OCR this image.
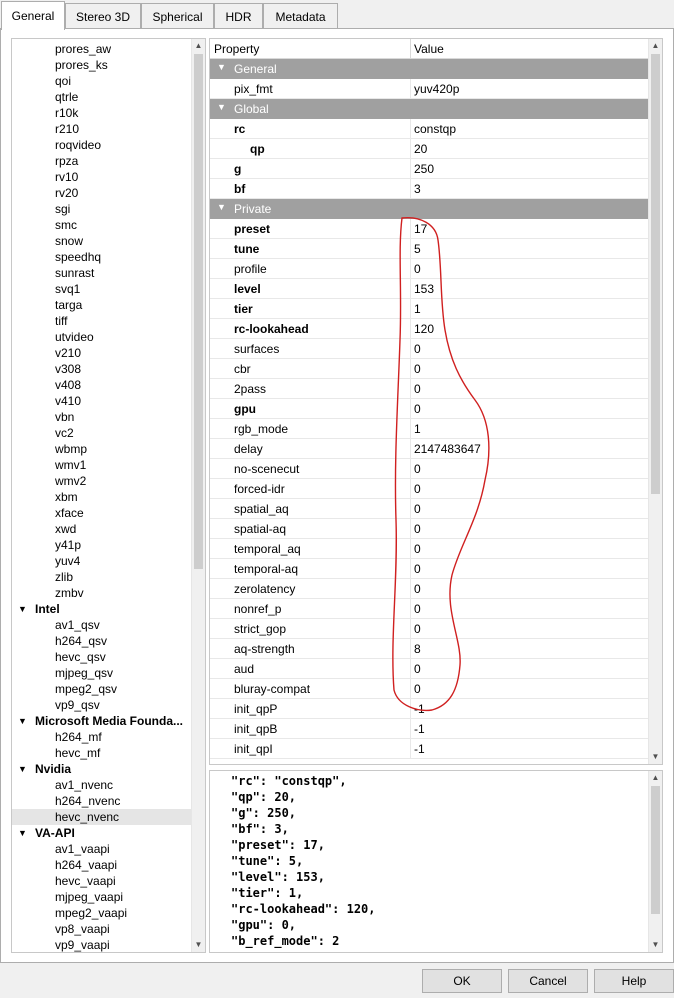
General	Stereo 3D	Spherical	HDR	Metadata
prores_aw
prores_ks
qoi
qtrle
r10k
r210
roqvideo
rpza
rv10
rv20
sgi
smc
snow
speedhq
sunrast
svq1
targa
tiff
utvideo
v210
v308
v408
v410
vbn
vc2
wbmp
wmv1
wmv2
xbm
xface
xwd
y41p
yuv4
zlib
zmbv
Intel
▼
av1_qsv
h264_qsv
hevc_qsv
mjpeg_qsv
mpeg2_qsv
vp9_qsv
Microsoft Media Founda...
▼
h264_mf
hevc_mf
Nvidia
▼
av1_nvenc
h264_nvenc
hevc_nvenc
VA-API
▼
av1_vaapi
h264_vaapi
hevc_vaapi
mjpeg_vaapi
mpeg2_vaapi
vp8_vaapi
vp9_vaapi
▲
▼
Property	Value
▼ General
pix_fmt	yuv420p
▼ Global
rc	constqp
qp	20
g	250
bf	3
▼ Private
preset	17
tune	5
profile	0
level	153
tier	1
rc-lookahead	120
surfaces	0
cbr	0
2pass	0
gpu	0
rgb_mode	1
delay	2147483647
no-scenecut	0
forced-idr	0
spatial_aq	0
spatial-aq	0
temporal_aq	0
temporal-aq	0
zerolatency	0
nonref_p	0
strict_gop	0
aq-strength	8
aud	0
bluray-compat	0
init_qpP	-1
init_qpB	-1
init_qpI	-1
▲
▼
"rc": "constqp",
"qp": 20,
"g": 250,
"bf": 3,
"preset": 17,
"tune": 5,
"level": 153,
"tier": 1,
"rc-lookahead": 120,
"gpu": 0,
"b_ref_mode": 2
▲
▼
OK	Cancel	Help
